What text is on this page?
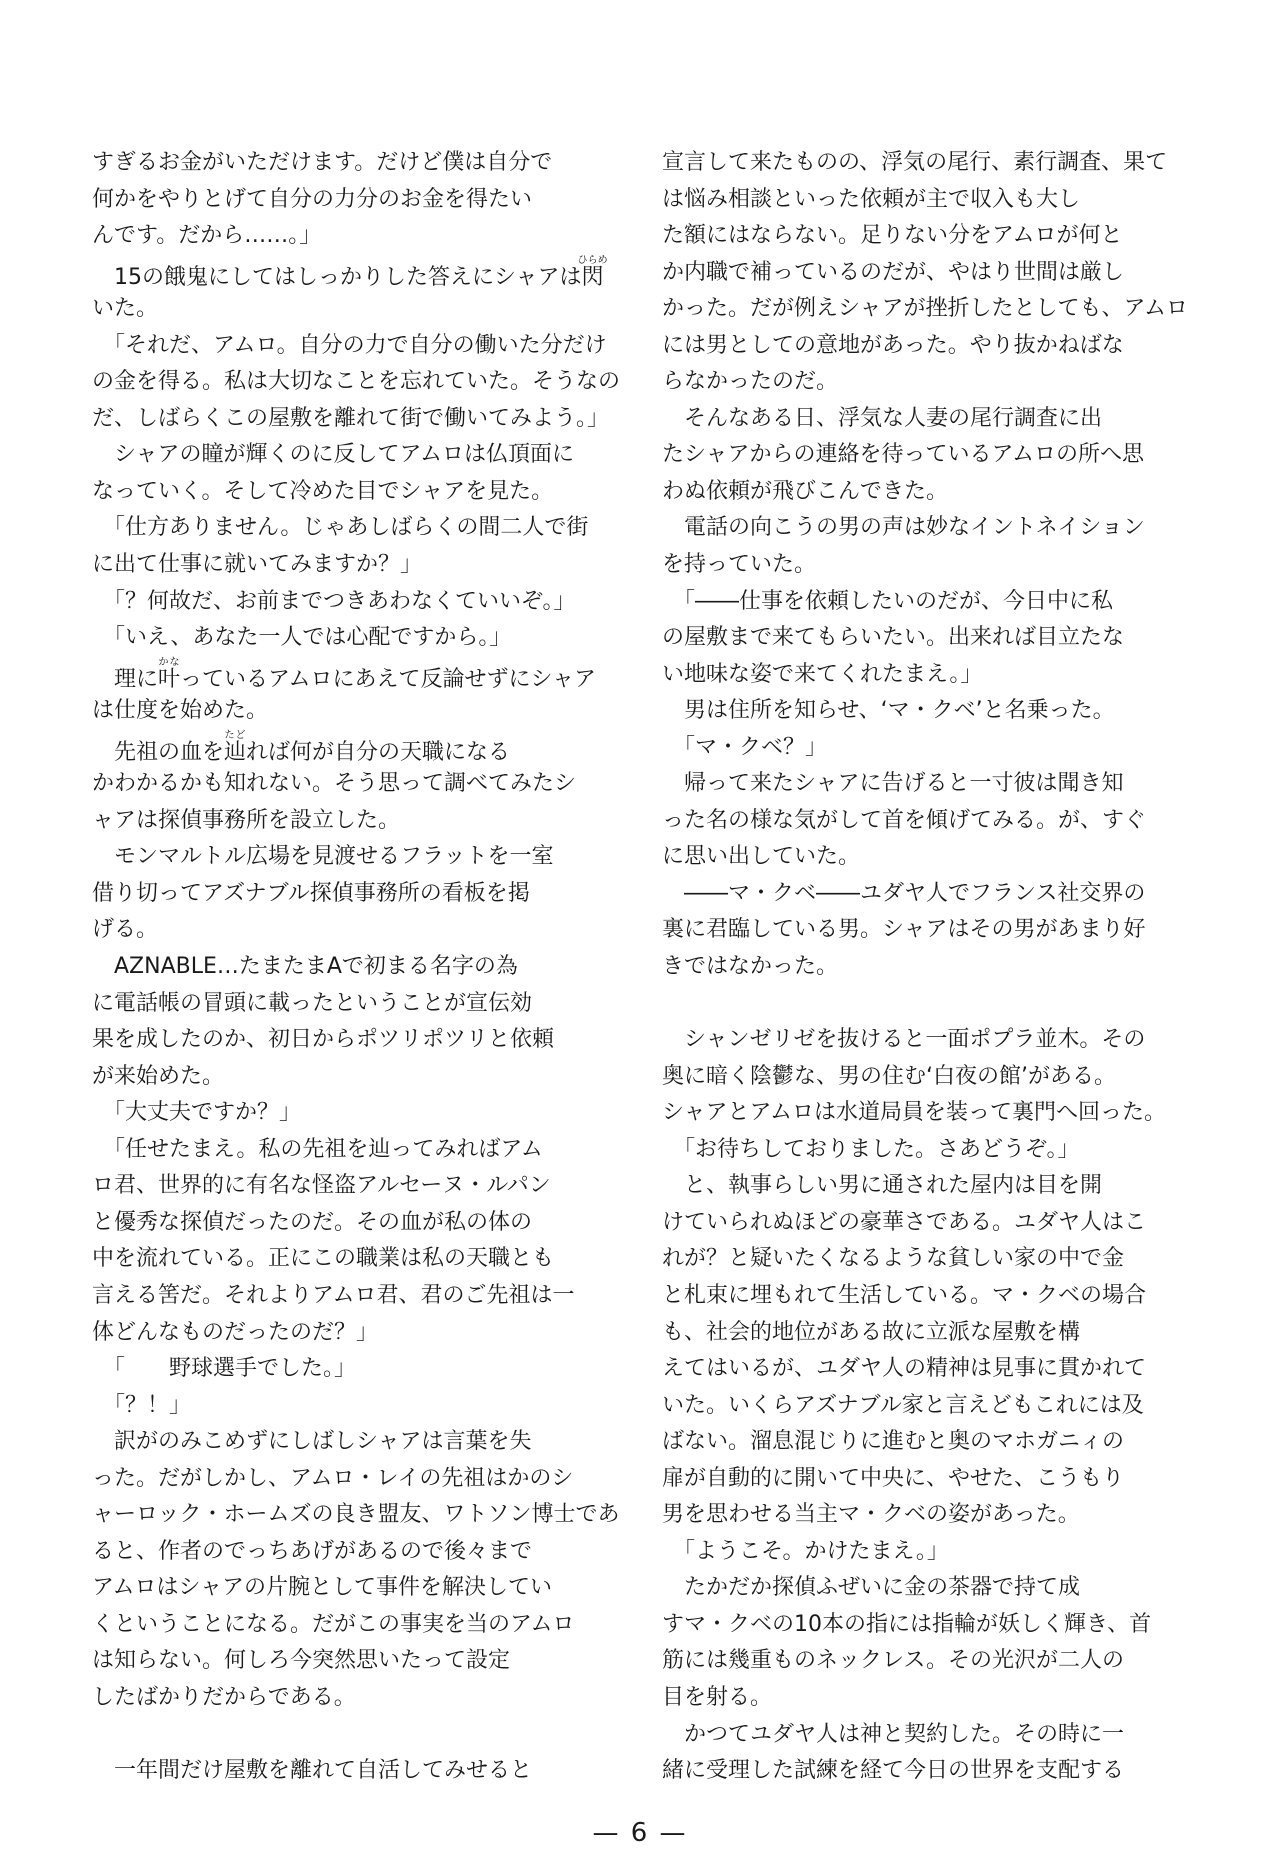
すぎるお金がいただけます。だけど僕は自分で
何かをやりとげて自分の力分のお金を得たい
んです。だから……。」
　15の餓鬼にしてはしっかりした答えにシャアは閃ひらめ
いた。
　「それだ、アムロ。自分の力で自分の働いた分だけ
の金を得る。私は大切なことを忘れていた。そうなの
だ、しばらくこの屋敷を離れて街で働いてみよう。」
　シャアの瞳が輝くのに反してアムロは仏頂面に
なっていく。そして冷めた目でシャアを見た。
　「仕方ありません。じゃあしばらくの間二人で街
に出て仕事に就いてみますか？」
　「？何故だ、お前までつきあわなくていいぞ。」
　「いえ、あなた一人では心配ですから。」
　理に叶かなっているアムロにあえて反論せずにシャア
は仕度を始めた。
　先祖の血を辿たどれば何が自分の天職になる
かわかるかも知れない。そう思って調べてみたシ
ャアは探偵事務所を設立した。
　モンマルトル広場を見渡せるフラットを一室
借り切ってアズナブル探偵事務所の看板を掲
げる。
　AZNABLE…たまたまAで初まる名字の為
に電話帳の冒頭に載ったということが宣伝効
果を成したのか、初日からポツリポツリと依頼
が来始めた。
　「大丈夫ですか？」
　「任せたまえ。私の先祖を辿ってみればアム
ロ君、世界的に有名な怪盗アルセーヌ・ルパン
と優秀な探偵だったのだ。その血が私の体の
中を流れている。正にこの職業は私の天職とも
言える筈だ。それよりアムロ君、君のご先祖は一
体どんなものだったのだ？」
　「　　野球選手でした。」
　「？！」
　訳がのみこめずにしばしシャアは言葉を失
った。だがしかし、アムロ・レイの先祖はかのシ
ャーロック・ホームズの良き盟友、ワトソン博士であ
ると、作者のでっちあげがあるので後々まで
アムロはシャアの片腕として事件を解決してい
くということになる。だがこの事実を当のアムロ
は知らない。何しろ今突然思いたって設定
したばかりだからである。
　一年間だけ屋敷を離れて自活してみせると
宣言して来たものの、浮気の尾行、素行調査、果て
は悩み相談といった依頼が主で収入も大し
た額にはならない。足りない分をアムロが何と
か内職で補っているのだが、やはり世間は厳し
かった。だが例えシャアが挫折したとしても、アムロ
には男としての意地があった。やり抜かねばな
らなかったのだ。
　そんなある日、浮気な人妻の尾行調査に出
たシャアからの連絡を待っているアムロの所へ思
わぬ依頼が飛びこんできた。
　電話の向こうの男の声は妙なイントネイション
を持っていた。
　「――仕事を依頼したいのだが、今日中に私
の屋敷まで来てもらいたい。出来れば目立たな
い地味な姿で来てくれたまえ。」
　男は住所を知らせ、‘マ・クベ’と名乗った。
　「マ・クベ？」
　帰って来たシャアに告げると一寸彼は聞き知
った名の様な気がして首を傾げてみる。が、すぐ
に思い出していた。
　――マ・クベ――ユダヤ人でフランス社交界の
裏に君臨している男。シャアはその男があまり好
きではなかった。
　シャンゼリゼを抜けると一面ポプラ並木。その
奥に暗く陰鬱な、男の住む‘白夜の館’がある。
シャアとアムロは水道局員を装って裏門へ回った。
　「お待ちしておりました。さあどうぞ。」
　と、執事らしい男に通された屋内は目を開
けていられぬほどの豪華さである。ユダヤ人はこ
れが？と疑いたくなるような貧しい家の中で金
と札束に埋もれて生活している。マ・クベの場合
も、社会的地位がある故に立派な屋敷を構
えてはいるが、ユダヤ人の精神は見事に貫かれて
いた。いくらアズナブル家と言えどもこれには及
ばない。溜息混じりに進むと奥のマホガニィの
扉が自動的に開いて中央に、やせた、こうもり
男を思わせる当主マ・クベの姿があった。
　「ようこそ。かけたまえ。」
　たかだか探偵ふぜいに金の茶器で持て成
すマ・クベの10本の指には指輪が妖しく輝き、首
筋には幾重ものネックレス。その光沢が二人の
目を射る。
　かつてユダヤ人は神と契約した。その時に一
緒に受理した試練を経て今日の世界を支配する
— 6 —
